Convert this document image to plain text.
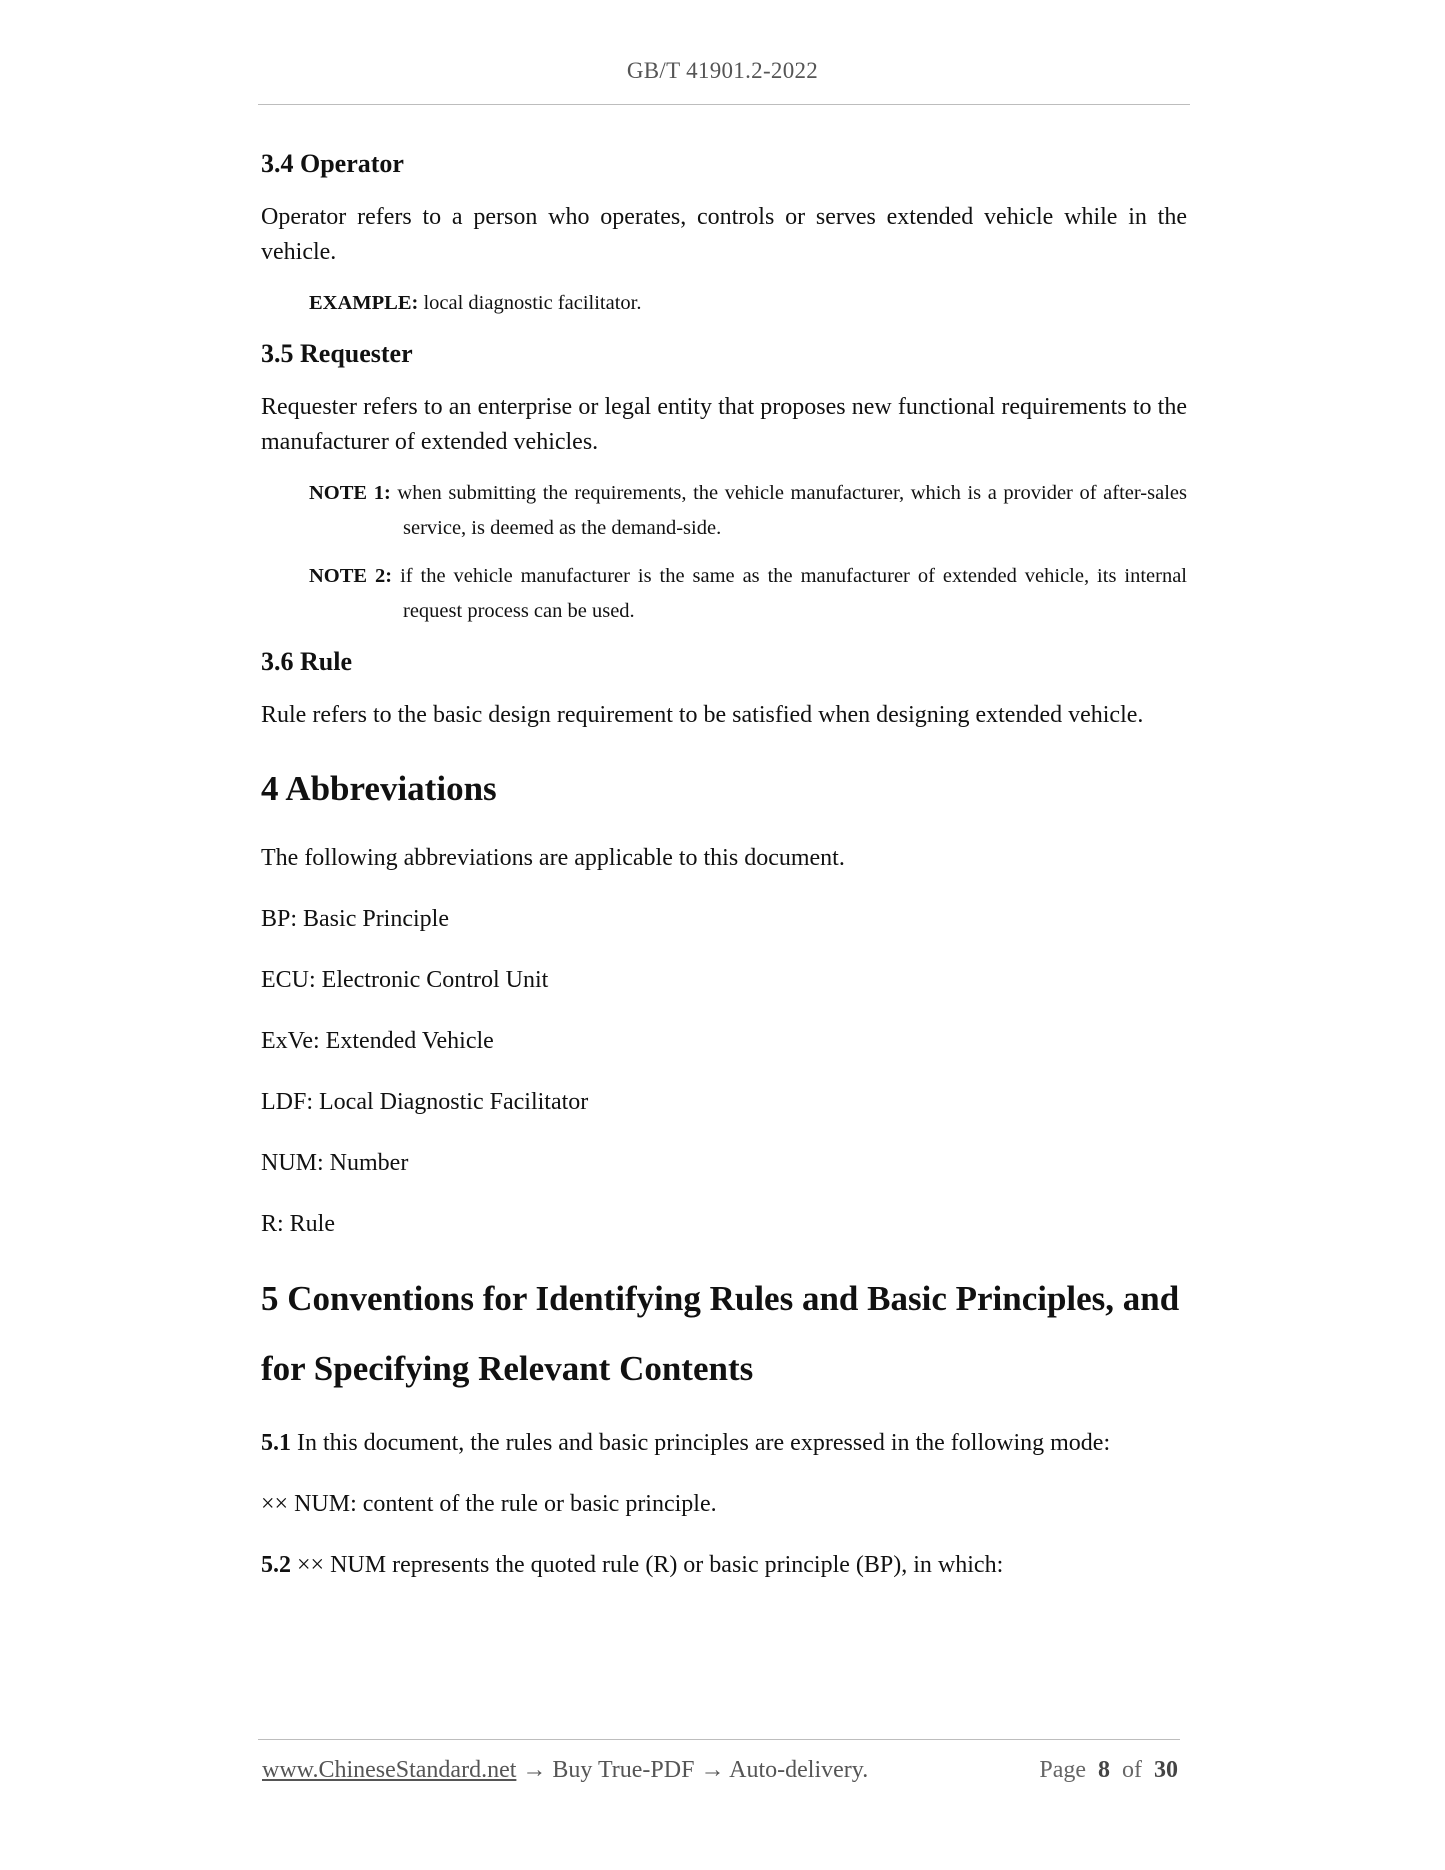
GB/T 41901.2-2022
3.4 Operator

Operator refers to a person who operates, controls or serves extended vehicle while in the vehicle.

EXAMPLE: local diagnostic facilitator.

3.5 Requester

Requester refers to an enterprise or legal entity that proposes new functional requirements to the manufacturer of extended vehicles.

NOTE 1: when submitting the requirements, the vehicle manufacturer, which is a provider of after-sales service, is deemed as the demand-side.

NOTE 2: if the vehicle manufacturer is the same as the manufacturer of extended vehicle, its internal request process can be used.

3.6 Rule

Rule refers to the basic design requirement to be satisfied when designing extended vehicle.

4 Abbreviations

The following abbreviations are applicable to this document.

BP: Basic Principle

ECU: Electronic Control Unit

ExVe: Extended Vehicle

LDF: Local Diagnostic Facilitator

NUM: Number

R: Rule

5 Conventions for Identifying Rules and Basic Principles, and for Specifying Relevant Contents

5.1 In this document, the rules and basic principles are expressed in the following mode:

×× NUM: content of the rule or basic principle.

5.2 ×× NUM represents the quoted rule (R) or basic principle (BP), in which:

www.ChineseStandard.net → Buy True-PDF → Auto-delivery.	Page 8 of 30
